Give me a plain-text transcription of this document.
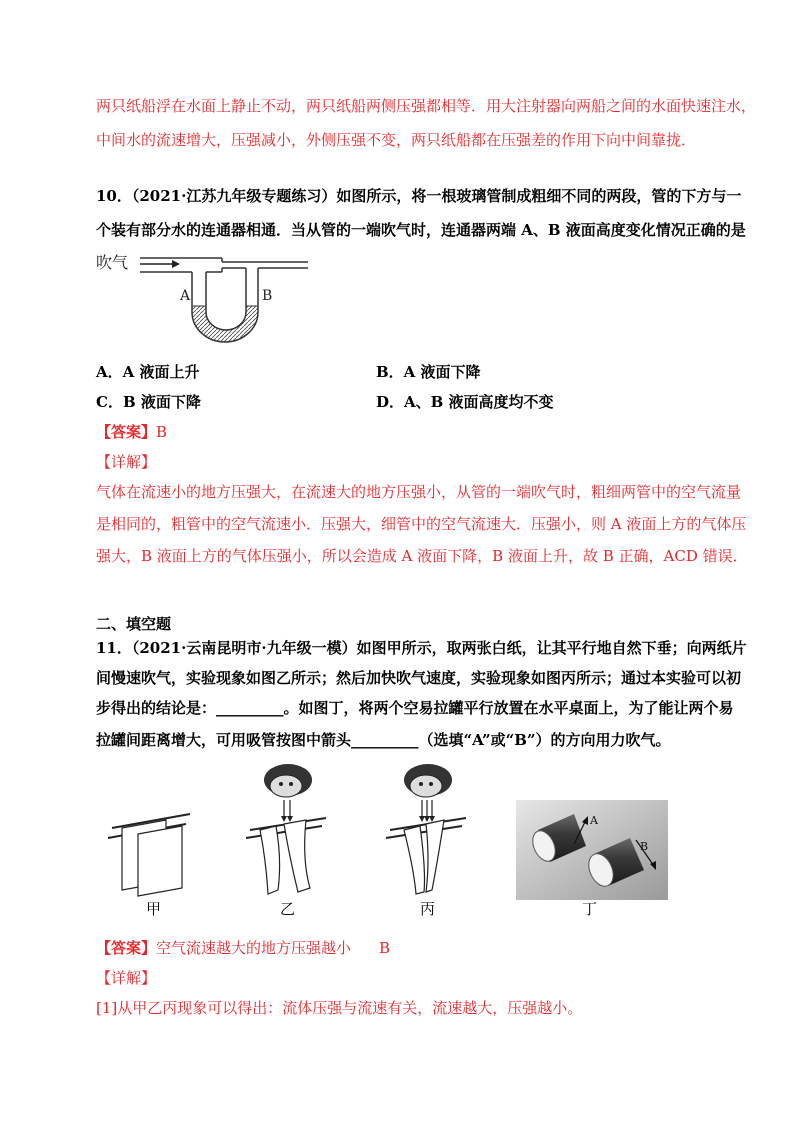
两只纸船浮在水面上静止不动，两只纸船两侧压强都相等．用大注射器向两船之间的水面快速注水，
中间水的流速增大，压强减小，外侧压强不变，两只纸船都在压强差的作用下向中间靠拢．
10．（2021·江苏九年级专题练习）如图所示，将一根玻璃管制成粗细不同的两段，管的下方与一
个装有部分水的连通器相通．当从管的一端吹气时，连通器两端 A、B 液面高度变化情况正确的是
吹气
A	B
A．A 液面上升	B．A 液面下降
C．B 液面下降	D．A、B 液面高度均不变
【答案】B
【详解】
气体在流速小的地方压强大，在流速大的地方压强小，从管的一端吹气时，粗细两管中的空气流量
是相同的，粗管中的空气流速小．压强大，细管中的空气流速大．压强小，则 A 液面上方的气体压
强大，B 液面上方的气体压强小，所以会造成 A 液面下降，B 液面上升，故 B 正确，ACD 错误．
二、填空题
11．（2021·云南昆明市·九年级一模）如图甲所示，取两张白纸，让其平行地自然下垂；向两纸片
间慢速吹气，实验现象如图乙所示；然后加快吹气速度，实验现象如图丙所示；通过本实验可以初
步得出的结论是：_________。如图丁，将两个空易拉罐平行放置在水平桌面上，为了能让两个易
拉罐间距离增大，可用吸管按图中箭头_________（选填“A”或“B”）的方向用力吹气。
甲	乙	丙
A
B
丁
【答案】空气流速越大的地方压强越小 B
【详解】
[1]从甲乙丙现象可以得出：流体压强与流速有关，流速越大，压强越小。
